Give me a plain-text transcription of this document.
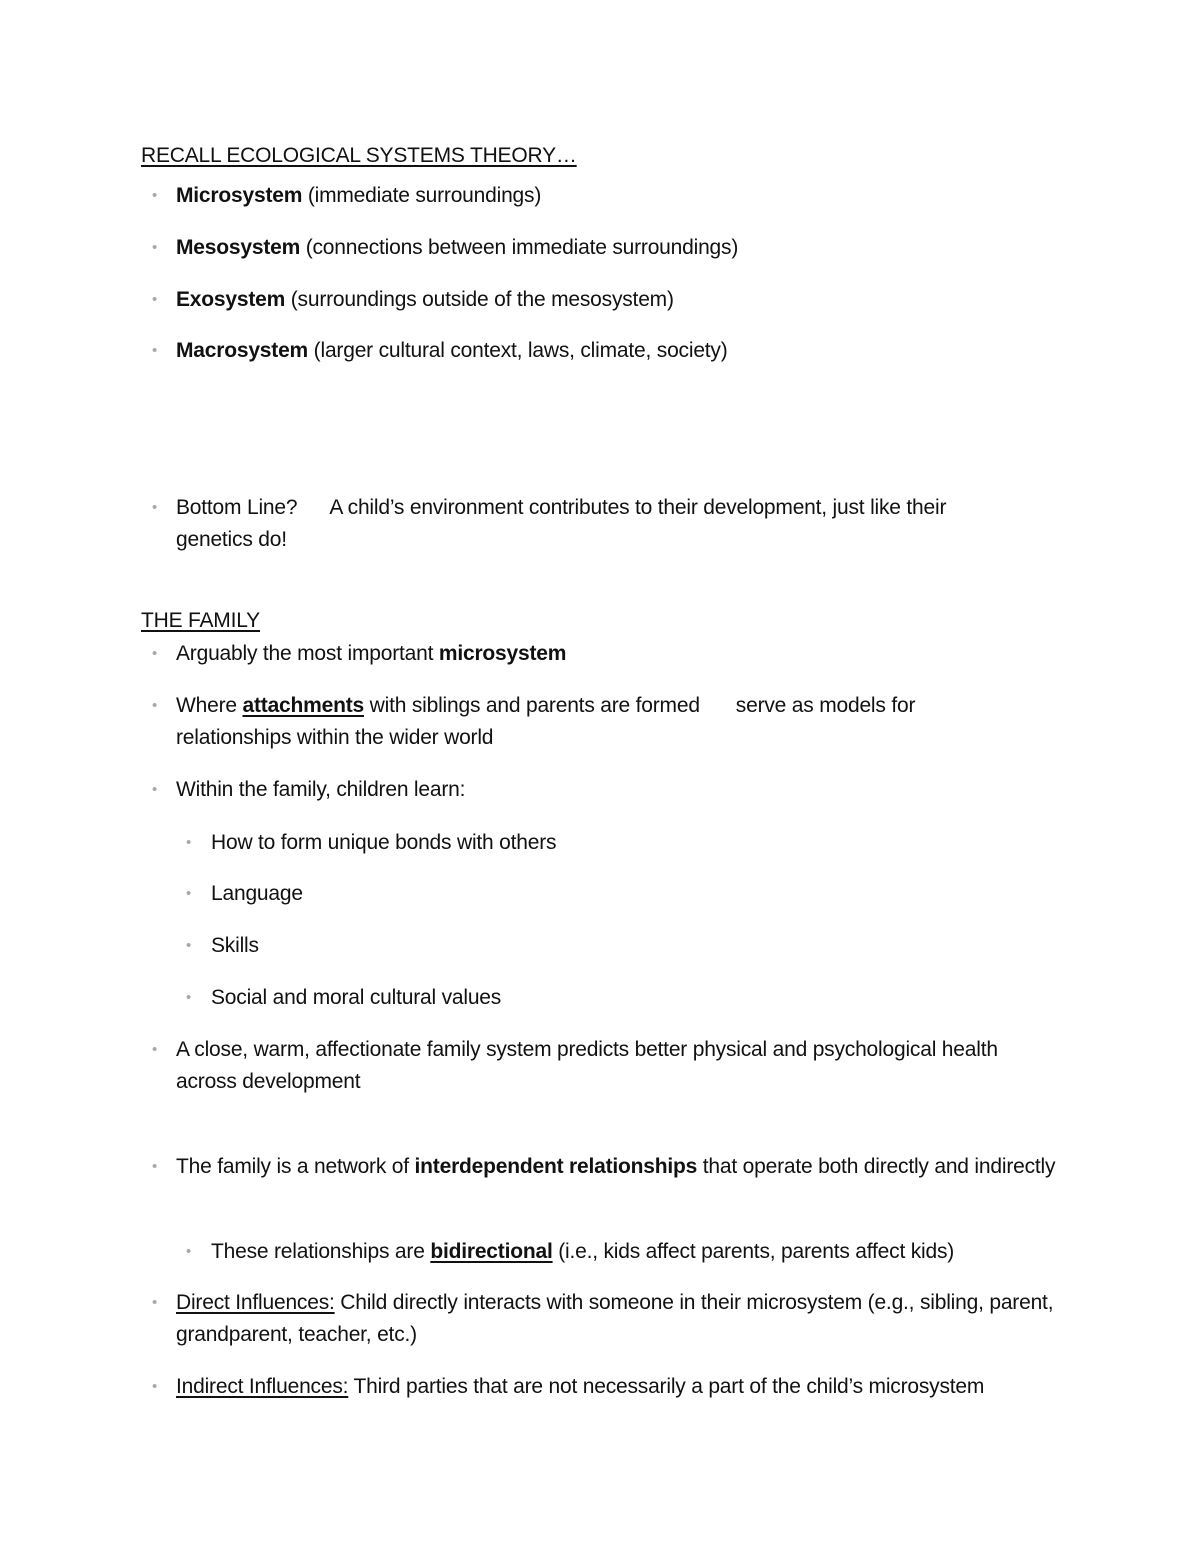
RECALL ECOLOGICAL SYSTEMS THEORY…
• Microsystem (immediate surroundings)
• Mesosystem (connections between immediate surroundings)
• Exosystem (surroundings outside of the mesosystem)
• Macrosystem (larger cultural context, laws, climate, society)
• Bottom Line? A child’s environment contributes to their development, just like their genetics do!
THE FAMILY
• Arguably the most important microsystem
• Where attachments with siblings and parents are formed serve as models for relationships within the wider world
• Within the family, children learn:
• How to form unique bonds with others
• Language
• Skills
• Social and moral cultural values
• A close, warm, affectionate family system predicts better physical and psychological health across development
• The family is a network of interdependent relationships that operate both directly and indirectly
• These relationships are bidirectional (i.e., kids affect parents, parents affect kids)
• Direct Influences: Child directly interacts with someone in their microsystem (e.g., sibling, parent, grandparent, teacher, etc.)
• Indirect Influences: Third parties that are not necessarily a part of the child’s microsystem
